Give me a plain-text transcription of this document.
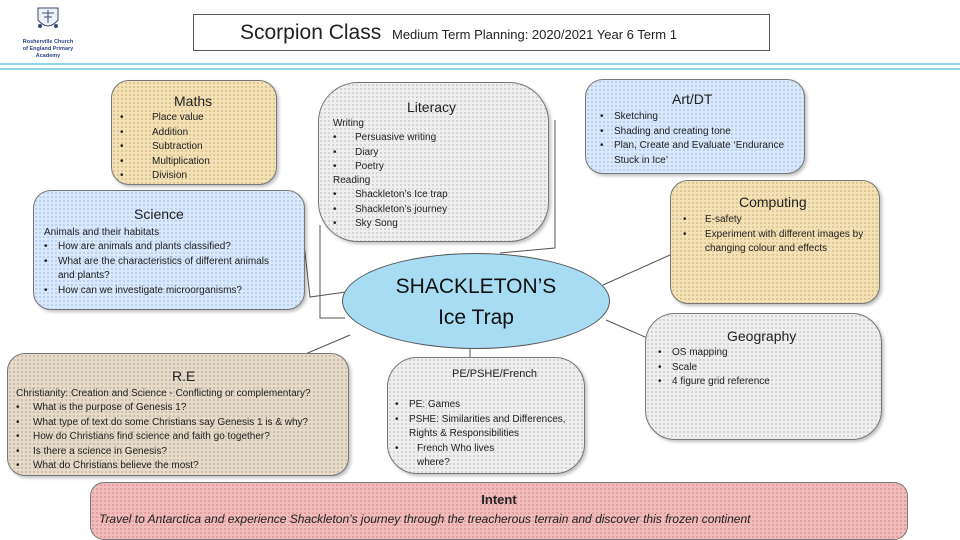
Rosherville Church of England Primary Academy
Scorpion Class Medium Term Planning: 2020/2021 Year 6 Term 1
Maths
• Place value
• Addition
• Subtraction
• Multiplication
• Division
Science
Animals and their habitats
• How are animals and plants classified?
• What are the characteristics of different animals and plants?
• How can we investigate microorganisms?
Literacy
Writing
• Persuasive writing
• Diary
• Poetry
Reading
• Shackleton’s Ice trap
• Shackleton’s journey
• Sky Song
Art/DT
• Sketching
• Shading and creating tone
• Plan, Create and Evaluate ‘Endurance Stuck in Ice’
Computing
• E-safety
• Experiment with different images by changing colour and effects
SHACKLETON’S
Ice Trap
Geography
• OS mapping
• Scale
• 4 figure grid reference
R.E
Christianity: Creation and Science - Conflicting or complementary?
• What is the purpose of Genesis 1?
• What type of text do some Christians say Genesis 1 is & why?
• How do Christians find science and faith go together?
• Is there a science in Genesis?
• What do Christians believe the most?
PE/PSHE/French
• PE: Games
• PSHE: Similarities and Differences, Rights & Responsibilities
• French Who lives where?
Intent
Travel to Antarctica and experience Shackleton’s journey through the treacherous terrain and discover this frozen continent
